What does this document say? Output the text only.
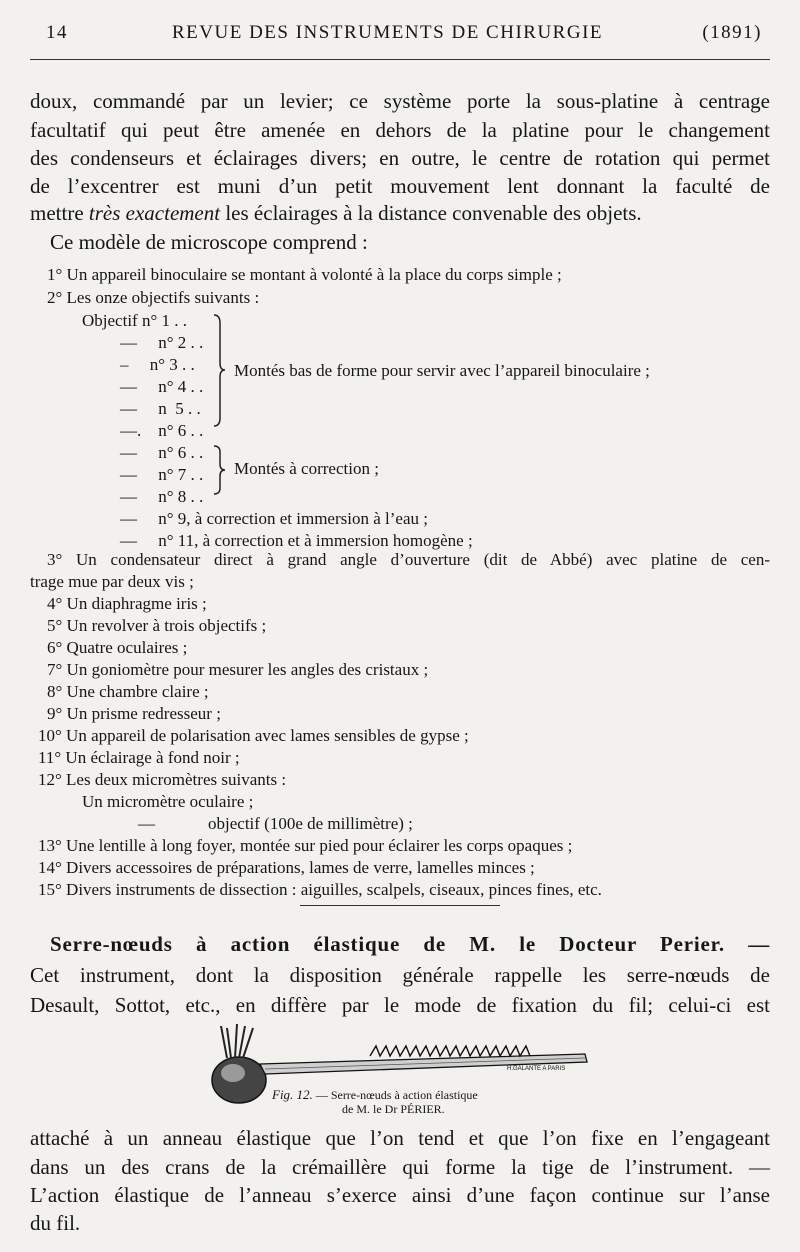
14	REVUE DES INSTRUMENTS DE CHIRURGIE	(1891)
doux, commandé par un levier; ce système porte la sous-platine à centrage
facultatif qui peut être amenée en dehors de la platine pour le changement
des condenseurs et éclairages divers; en outre, le centre de rotation qui permet
de l’excentrer est muni d’un petit mouvement lent donnant la faculté de
mettre très exactement les éclairages à la distance convenable des objets.
Ce modèle de microscope comprend :
1° Un appareil binoculaire se montant à volonté à la place du corps simple ;
2° Les onze objectifs suivants :
Objectif n° 1 . .
—     n° 2 . .
–     n° 3 . .
—     n° 4 . .
—     n  5 . .
—.    n° 6 . .
—     n° 6 . .
—     n° 7 . .
—     n° 8 . .
—     n° 9, à correction et immersion à l’eau ;
—     n° 11, à correction et à immersion homogène ;
Montés bas de forme pour servir avec l’appareil binoculaire ;
Montés à correction ;
3° Un condensateur direct à grand angle d’ouverture (dit de Abbé) avec platine de cen-
trage mue par deux vis ;
4° Un diaphragme iris ;
5° Un revolver à trois objectifs ;
6° Quatre oculaires ;
7° Un goniomètre pour mesurer les angles des cristaux ;
8° Une chambre claire ;
9° Un prisme redresseur ;
10° Un appareil de polarisation avec lames sensibles de gypse ;
11° Un éclairage à fond noir ;
12° Les deux micromètres suivants :
Un micromètre oculaire ;
—	objectif (100e de millimètre) ;
13° Une lentille à long foyer, montée sur pied pour éclairer les corps opaques ;
14° Divers accessoires de préparations, lames de verre, lamelles minces ;
15° Divers instruments de dissection : aiguilles, scalpels, ciseaux, pinces fines, etc.
Serre-nœuds à action élastique de M. le Docteur Perier. —
Cet instrument, dont la disposition générale rappelle les serre-nœuds de
Desault, Sottot, etc., en diffère par le mode de fixation du fil; celui-ci est
H.GALANTE A PARIS
Fig. 12. — Serre-nœuds à action élastique
de M. le Dr PÉRIER.
attaché à un anneau élastique que l’on tend et que l’on fixe en l’engageant
dans un des crans de la crémaillère qui forme la tige de l’instrument. —
L’action élastique de l’anneau s’exerce ainsi d’une façon continue sur l’anse
du fil.
